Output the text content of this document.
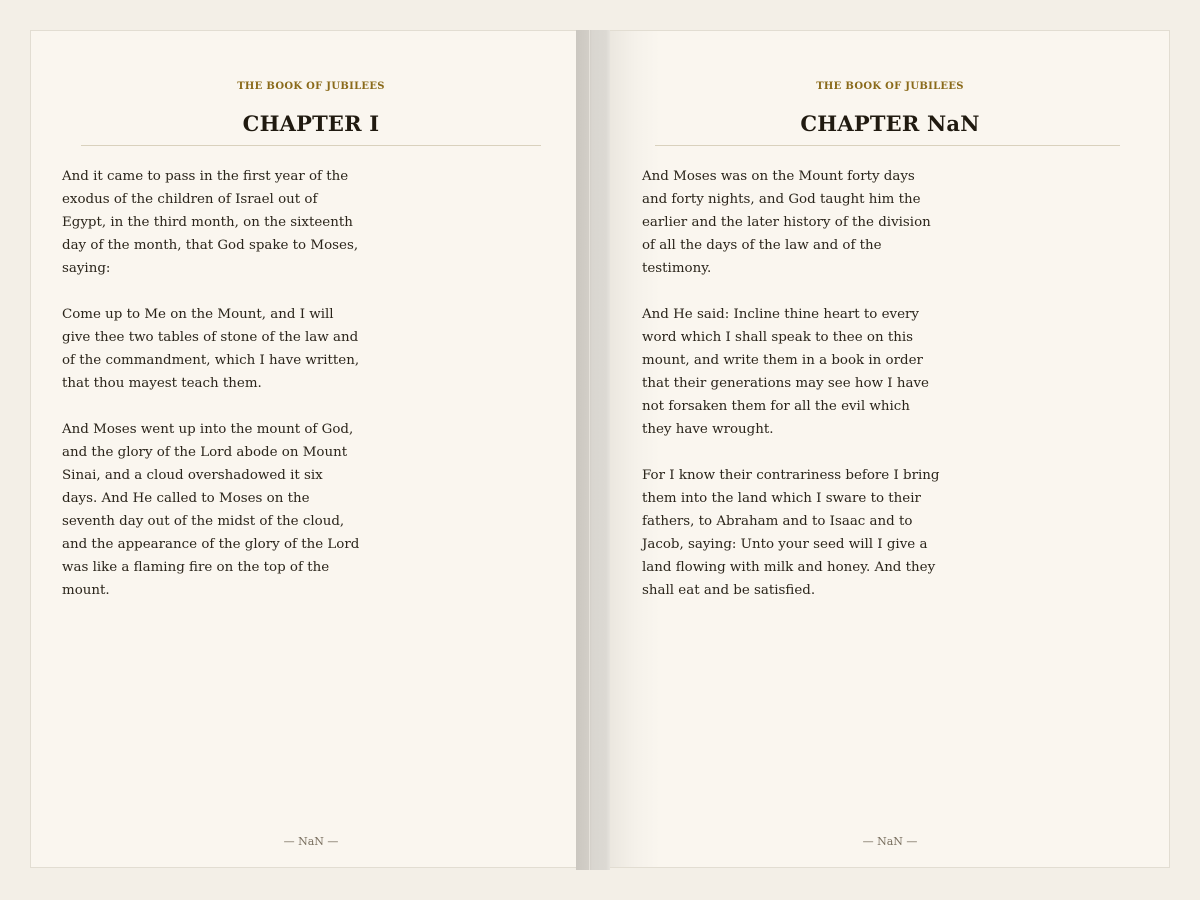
THE BOOK OF JUBILEES
CHAPTER I

And it came to pass in the first year of the exodus of the children of Israel out of Egypt, in the third month, on the sixteenth day of the month, that God spake to Moses, saying:

Come up to Me on the Mount, and I will give thee two tables of stone of the law and of the commandment, which I have written, that thou mayest teach them.

And Moses went up into the mount of God, and the glory of the Lord abode on Mount Sinai, and a cloud overshadowed it six days. And He called to Moses on the seventh day out of the midst of the cloud, and the appearance of the glory of the Lord was like a flaming fire on the top of the mount.

— NaN —
THE BOOK OF JUBILEES
CHAPTER NaN

And Moses was on the Mount forty days and forty nights, and God taught him the earlier and the later history of the division of all the days of the law and of the testimony.

And He said: Incline thine heart to every word which I shall speak to thee on this mount, and write them in a book in order that their generations may see how I have not forsaken them for all the evil which they have wrought.

For I know their contrariness before I bring them into the land which I sware to their fathers, to Abraham and to Isaac and to Jacob, saying: Unto your seed will I give a land flowing with milk and honey. And they shall eat and be satisfied.

— NaN —
